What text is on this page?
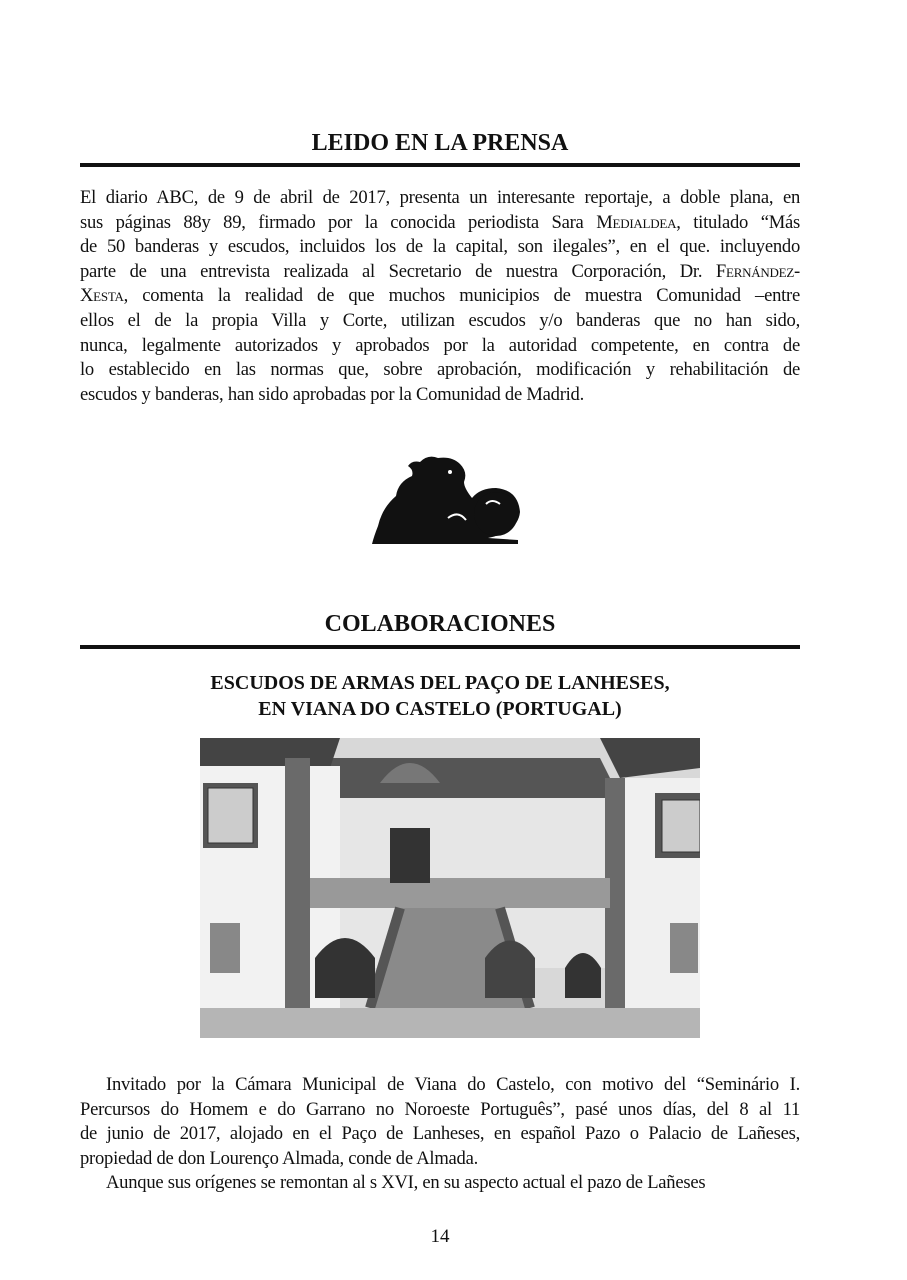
LEIDO EN LA PRENSA
El diario ABC, de 9 de abril de 2017, presenta un interesante reportaje, a doble plana, en
sus páginas 88y 89, firmado por la conocida periodista Sara Medialdea, titulado “Más
de 50 banderas y escudos, incluidos los de la capital, son ilegales”, en el que. incluyendo
parte de una entrevista realizada al Secretario de nuestra Corporación, Dr. Fernández-
Xesta, comenta la realidad de que muchos municipios de muestra Comunidad –entre
ellos el de la propia Villa y Corte, utilizan escudos y/o banderas que no han sido,
nunca, legalmente autorizados y aprobados por la autoridad competente, en contra de
lo establecido en las normas que, sobre aprobación, modificación y rehabilitación de
escudos y banderas, han sido aprobadas por la Comunidad de Madrid.
COLABORACIONES
ESCUDOS DE ARMAS DEL PAÇO DE LANHESES,
EN VIANA DO CASTELO (PORTUGAL)
Invitado por la Cámara Municipal de Viana do Castelo, con motivo del “Seminário I.
Percursos do Homem e do Garrano no Noroeste Português”, pasé unos días, del 8 al 11
de junio de 2017, alojado en el Paço de Lanheses, en español Pazo o Palacio de Lañeses,
propiedad de don Lourenço Almada, conde de Almada.
Aunque sus orígenes se remontan al s XVI, en su aspecto actual el pazo de Lañeses
14
